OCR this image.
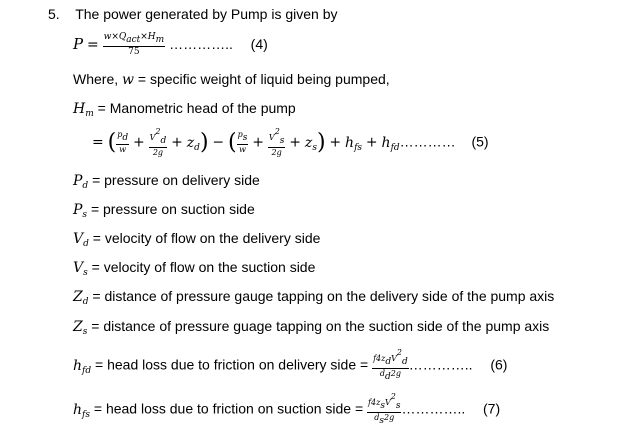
5. The power generated by Pump is given by
$P = \frac{\text{w×Qact×Hm}}{75}$ ………….. (4)
Where, w = specific weight of liquid being pumped,
$H_m$ = Manometric head of the pump
= ( $\frac{pd}{w} + \frac{V2d}{2g} + z_d$) − ( $\frac{ps}{w} + \frac{V2s}{2g} + z_s) + h_{fs}$ + $h_{fd}\dots\dots\dots\dots$ (5)
$P_d$ = pressure on delivery side
$P_s$ = pressure on suction side
$V_d$ = velocity of flow on the delivery side
$V_s$ = velocity of flow on the suction side
$Z_d$ = distance of pressure gauge tapping on the delivery side of the pump axis
$Z_s$ = distance of pressure guage tapping on the suction side of the pump axis
$h_{fd}$ = head loss due to friction on delivery side = $\frac{\text{f4zdV2d}}{dd2g}$ ………….. (6)
$h_{fs}$ = head loss due to friction on suction side = $\frac{\text{f4zsV2s}}{ds2g}$ ………….. (7)
